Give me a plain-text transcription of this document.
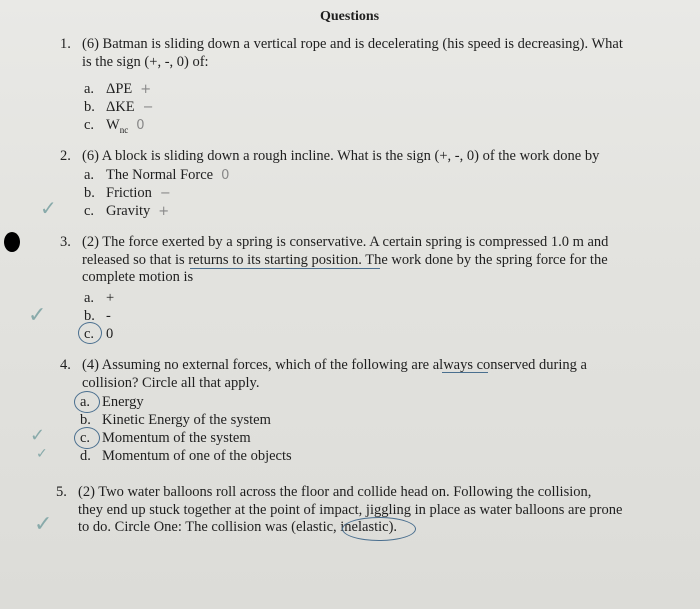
Questions
1. (6) Batman is sliding down a vertical rope and is decelerating (his speed is decreasing). What
is the sign (+, -, 0) of:
a. ΔPE +
b. ΔKE −
c. $W_{nc}$ 0
2. (6) A block is sliding down a rough incline. What is the sign (+, -, 0) of the work done by
a. The Normal Force 0
b. Friction −
c. Gravity +
✓
3. (2) The force exerted by a spring is conservative. A certain spring is compressed 1.0 m and
released so that is returns to its starting position. The work done by the spring force for the
complete motion is
a. +
b. -
c. 0
✓
4. (4) Assuming no external forces, which of the following are always conserved during a
collision? Circle all that apply.
a. Energy
b. Kinetic Energy of the system
c. Momentum of the system
d. Momentum of one of the objects
✓
✓
5. (2) Two water balloons roll across the floor and collide head on. Following the collision,
they end up stuck together at the point of impact, jiggling in place as water balloons are prone
to do. Circle One: The collision was (elastic, inelastic).
✓
